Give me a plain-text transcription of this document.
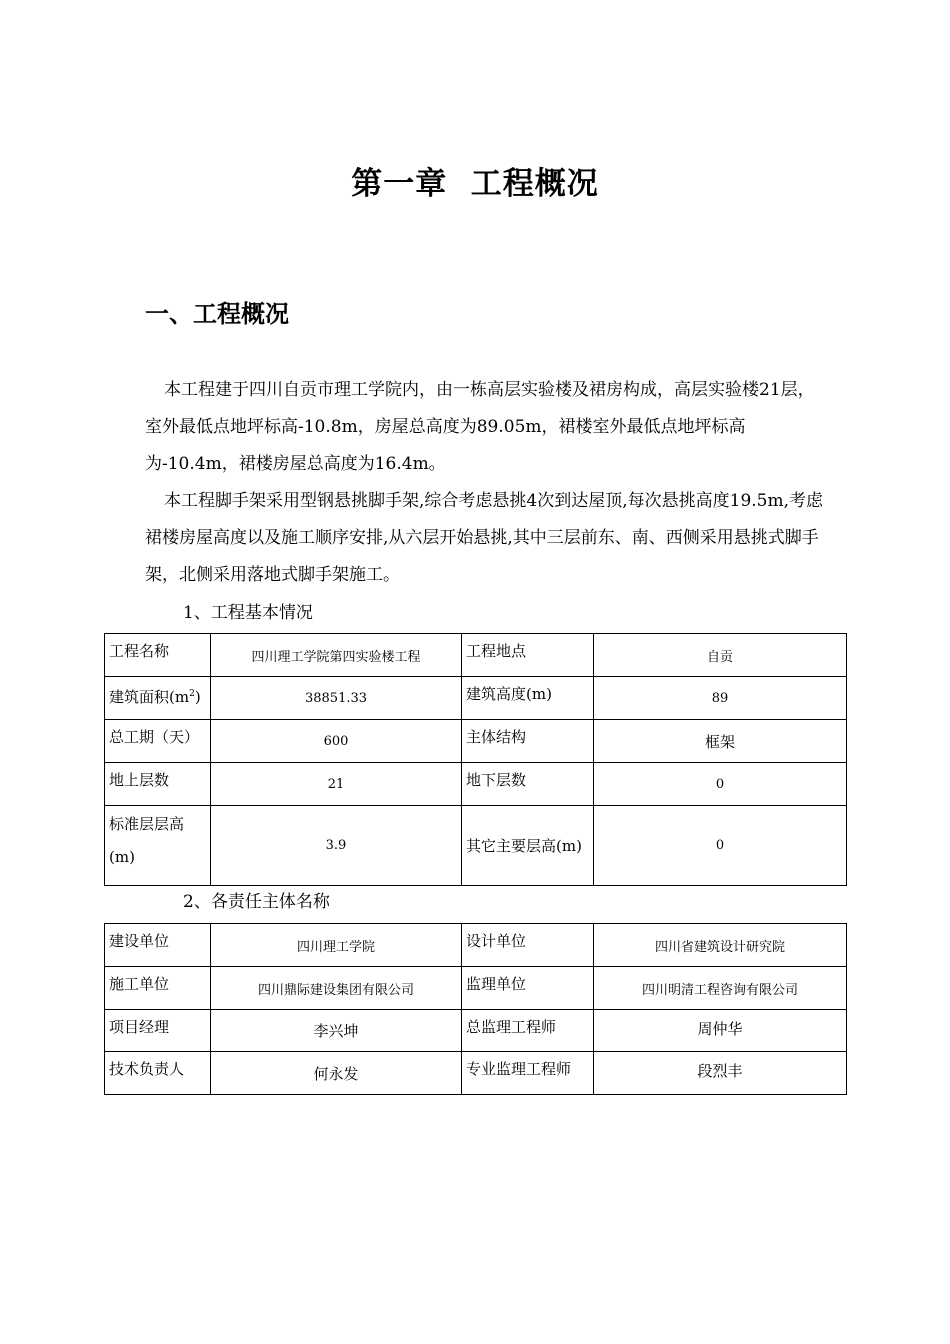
第一章  工程概况
一、工程概况

本工程建于四川自贡市理工学院内，由一栋高层实验楼及裙房构成，高层实验楼21层，室外最低点地坪标高-10.8m，房屋总高度为89.05m，裙楼室外最低点地坪标高为-10.4m，裙楼房屋总高度为16.4m。

本工程脚手架采用型钢悬挑脚手架,综合考虑悬挑4次到达屋顶,每次悬挑高度19.5m,考虑裙楼房屋高度以及施工顺序安排,从六层开始悬挑,其中三层前东、南、西侧采用悬挑式脚手架，北侧采用落地式脚手架施工。

1、工程基本情况
工程名称	四川理工学院第四实验楼工程	工程地点	自贡
建筑面积$(m^2)$	38851.33	建筑高度(m)	89
总工期（天）	600	主体结构	框架
地上层数	21	地下层数	0
标准层层高(m)	3.9	其它主要层高(m)	0
2、各责任主体名称
建设单位	四川理工学院	设计单位	四川省建筑设计研究院
施工单位	四川鼎际建设集团有限公司	监理单位	四川明清工程咨询有限公司
项目经理	李兴坤	总监理工程师	周仲华
技术负责人	何永发	专业监理工程师	段烈丰
